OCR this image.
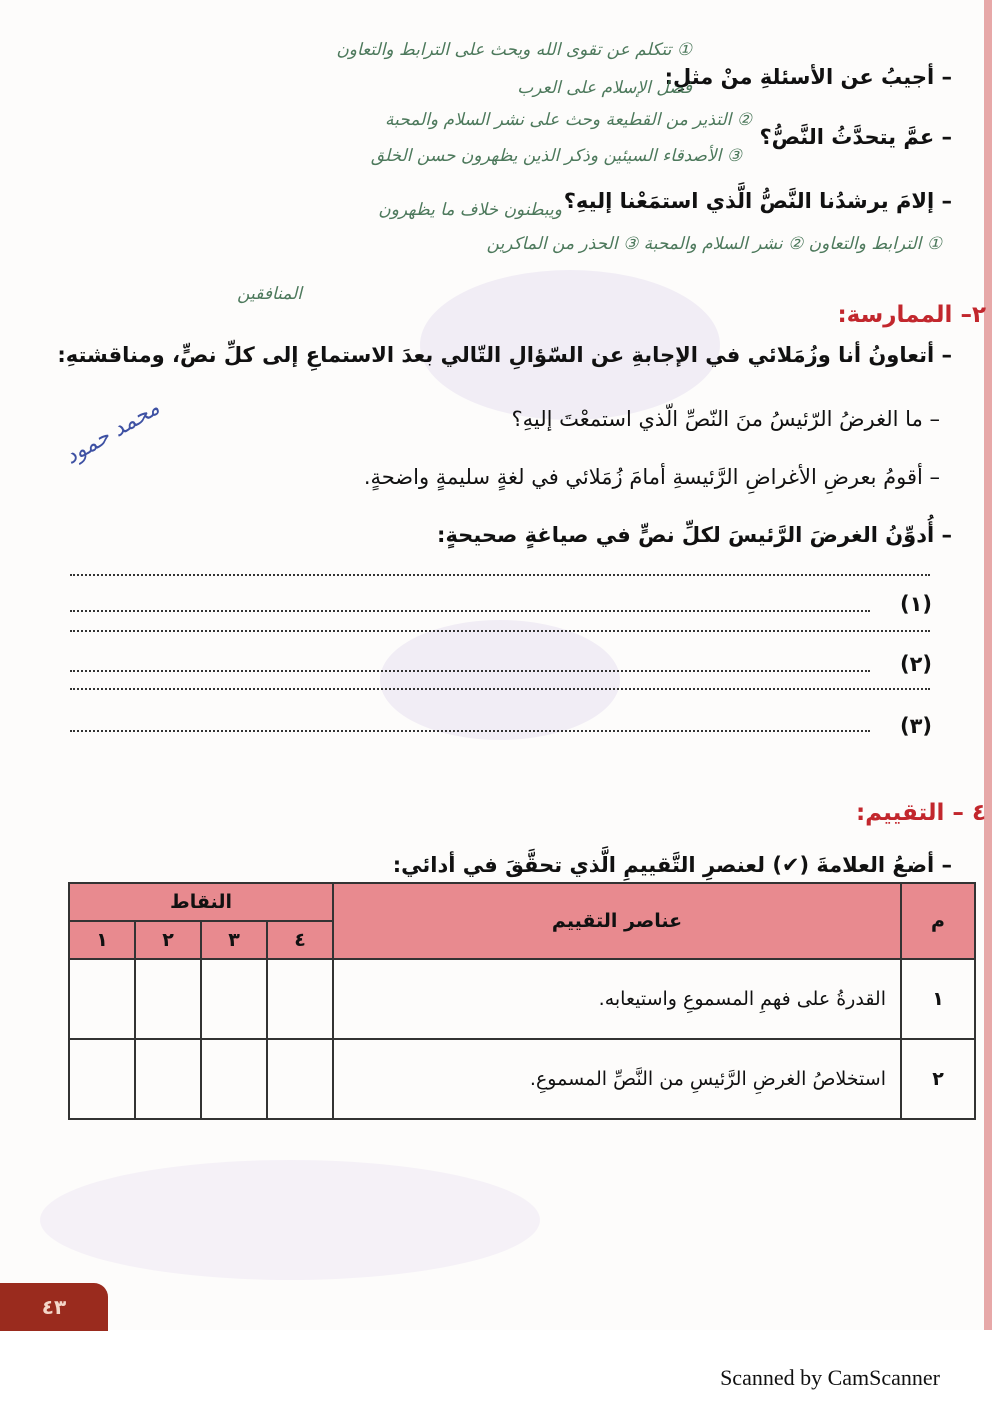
– أجيبُ عن الأسئلةِ منْ مثلِ:
– عمَّ يتحدَّثُ النَّصُّ؟
– إلامَ يرشدُنا النَّصُّ الَّذي استمَعْنا إليهِ؟
① تتكلم عن تقوى الله ويحث على الترابط والتعاون
فضل الإسلام على العرب
② التذير من القطيعة وحث على نشر السلام والمحبة
③ الأصدقاء السيئين وذكر الذين يظهرون حسن الخلق
ويبطنون خلاف ما يظهرون
① الترابط والتعاون ② نشر السلام والمحبة ③ الحذر من الماكرين
المنافقين
محمد حمود
٢– الممارسة:
– أتعاونُ أنا وزُمَلائي في الإجابةِ عن السّؤالِ التّالي بعدَ الاستماعِ إلى كلِّ نصٍّ، ومناقشتهِ:
– ما الغرضُ الرّئيسُ منَ النّصِّ الّذي استمعْتَ إليهِ؟
– أقومُ بعرضِ الأغراضِ الرَّئيسةِ أمامَ زُمَلائي في لغةٍ سليمةٍ واضحةٍ.
– أُدوِّنُ الغرضَ الرَّئيسَ لكلِّ نصٍّ في صياغةٍ صحيحةٍ:
(١)
(٢)
(٣)
٤ – التقييم:
– أضعُ العلامةَ (✔) لعنصرِ التَّقييمِ الَّذي تحقَّقَ في أدائي:
م	عناصر التقييم	النقاط			
		٤	٣	٢	١
١	القدرةُ على فهمِ المسموعِ واستيعابه.				
٢	استخلاصُ الغرضِ الرَّئيسِ من النَّصِّ المسموعِ.				
٤٣
Scanned by CamScanner
